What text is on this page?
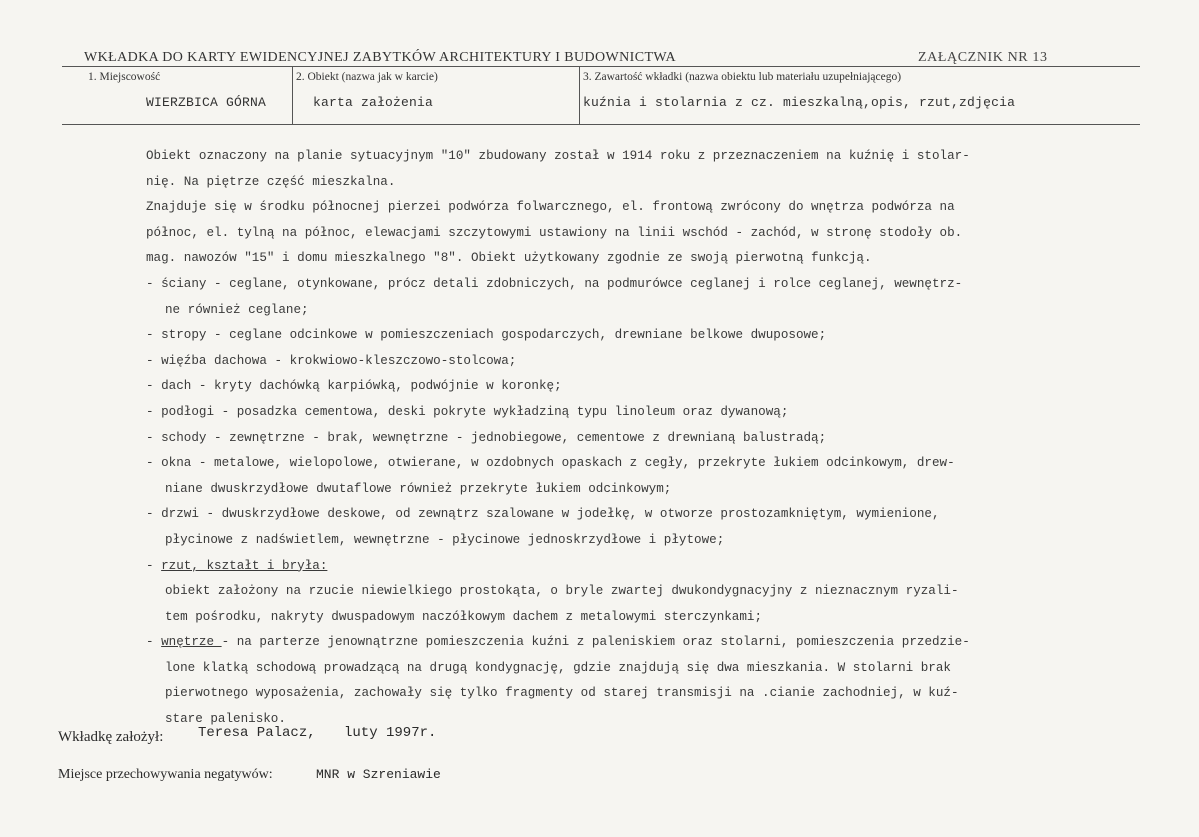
WKŁADKA DO KARTY EWIDENCYJNEJ ZABYTKÓW ARCHITEKTURY I BUDOWNICTWA	ZAŁĄCZNIK NR 13
1. Miejscowość
WIERZBICA GÓRNA
2. Obiekt (nazwa jak w karcie)
karta założenia
3. Zawartość wkładki (nazwa obiektu lub materiału uzupełniającego)
kuźnia i stolarnia z cz. mieszkalną,opis, rzut,zdjęcia
Obiekt oznaczony na planie sytuacyjnym "10" zbudowany został w 1914 roku z przeznaczeniem na kuźnię i stolar-
nię. Na piętrze część mieszkalna.
Znajduje się w środku północnej pierzei podwórza folwarcznego, el. frontową zwrócony do wnętrza podwórza na
północ, el. tylną na północ, elewacjami szczytowymi ustawiony na linii wschód - zachód, w stronę stodoły ob.
mag. nawozów "15" i domu mieszkalnego "8". Obiekt użytkowany zgodnie ze swoją pierwotną funkcją.
- ściany - ceglane, otynkowane, prócz detali zdobniczych, na podmurówce ceglanej i rolce ceglanej, wewnętrz-
ne również ceglane;
- stropy - ceglane odcinkowe w pomieszczeniach gospodarczych, drewniane belkowe dwuposowe;
- więźba dachowa - krokwiowo-kleszczowo-stolcowa;
- dach - kryty dachówką karpiówką, podwójnie w koronkę;
- podłogi - posadzka cementowa, deski pokryte wykładziną typu linoleum oraz dywanową;
- schody - zewnętrzne - brak, wewnętrzne - jednobiegowe, cementowe z drewnianą balustradą;
- okna - metalowe, wielopolowe, otwierane, w ozdobnych opaskach z cegły, przekryte łukiem odcinkowym, drew-
niane dwuskrzydłowe dwutaflowe również przekryte łukiem odcinkowym;
- drzwi - dwuskrzydłowe deskowe, od zewnątrz szalowane w jodełkę, w otworze prostozamkniętym, wymienione,
płycinowe z nadświetlem, wewnętrzne - płycinowe jednoskrzydłowe i płytowe;
- rzut, kształt i bryła:
obiekt założony na rzucie niewielkiego prostokąta, o bryle zwartej dwukondygnacyjny z nieznacznym ryzali-
tem pośrodku, nakryty dwuspadowym naczółkowym dachem z metalowymi sterczynkami;
- wnętrze - na parterze jenownątrzne pomieszczenia kuźni z paleniskiem oraz stolarni, pomieszczenia przedzie-
lone klatką schodową prowadzącą na drugą kondygnację, gdzie znajdują się dwa mieszkania. W stolarni brak
pierwotnego wyposażenia, zachowały się tylko fragmenty od starej transmisji na .cianie zachodniej, w kuź-
stare palenisko.
Wkładkę założył: Teresa Palacz, luty 1997r.
Miejsce przechowywania negatywów:	MNR w Szreniawie
